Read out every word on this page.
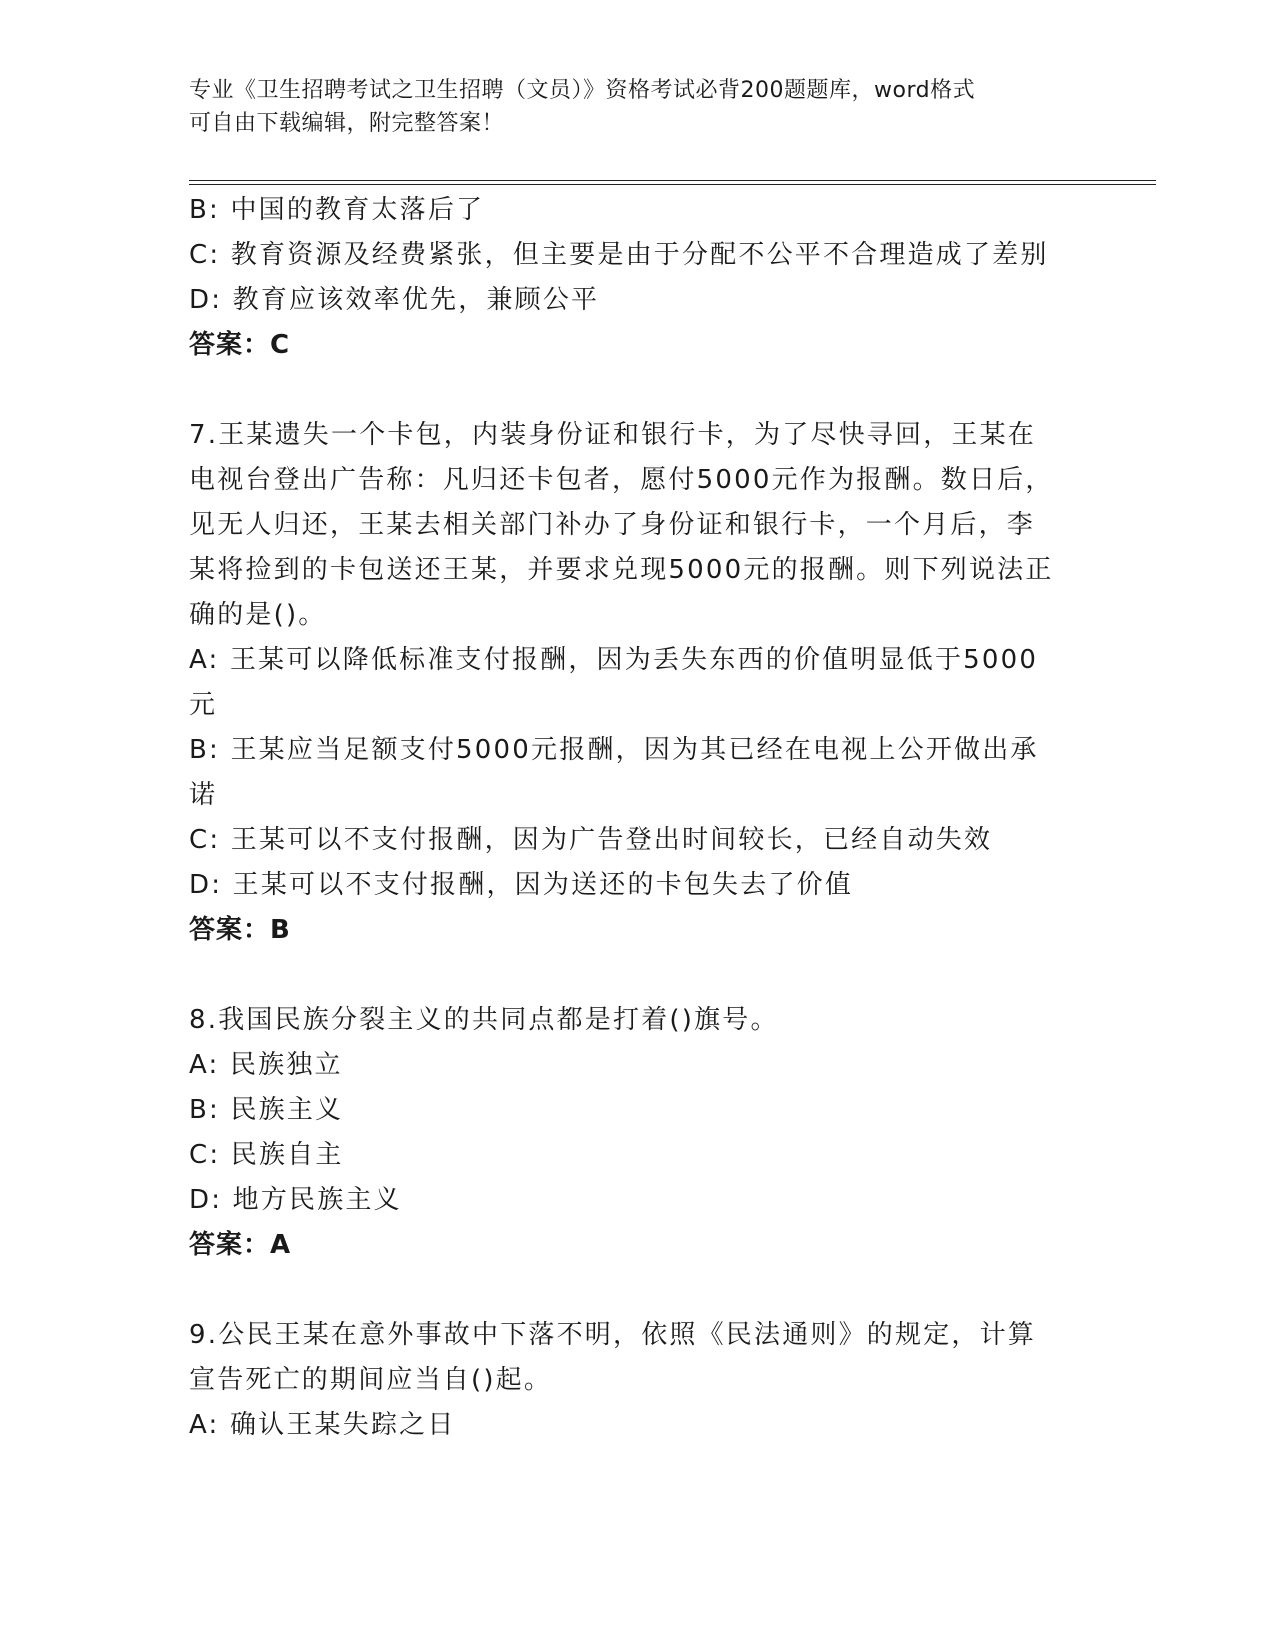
专业《卫生招聘考试之卫生招聘（文员）》资格考试必背200题题库，word格式
可自由下载编辑，附完整答案！
B: 中国的教育太落后了
C: 教育资源及经费紧张，但主要是由于分配不公平不合理造成了差别
D: 教育应该效率优先，兼顾公平
答案：C
7.王某遗失一个卡包，内装身份证和银行卡，为了尽快寻回，王某在
电视台登出广告称：凡归还卡包者，愿付5000元作为报酬。数日后，
见无人归还，王某去相关部门补办了身份证和银行卡，一个月后，李
某将捡到的卡包送还王某，并要求兑现5000元的报酬。则下列说法正
确的是()。
A: 王某可以降低标准支付报酬，因为丢失东西的价值明显低于5000
元
B: 王某应当足额支付5000元报酬，因为其已经在电视上公开做出承
诺
C: 王某可以不支付报酬，因为广告登出时间较长，已经自动失效
D: 王某可以不支付报酬，因为送还的卡包失去了价值
答案：B
8.我国民族分裂主义的共同点都是打着()旗号。
A: 民族独立
B: 民族主义
C: 民族自主
D: 地方民族主义
答案：A
9.公民王某在意外事故中下落不明，依照《民法通则》的规定，计算
宣告死亡的期间应当自()起。
A: 确认王某失踪之日
